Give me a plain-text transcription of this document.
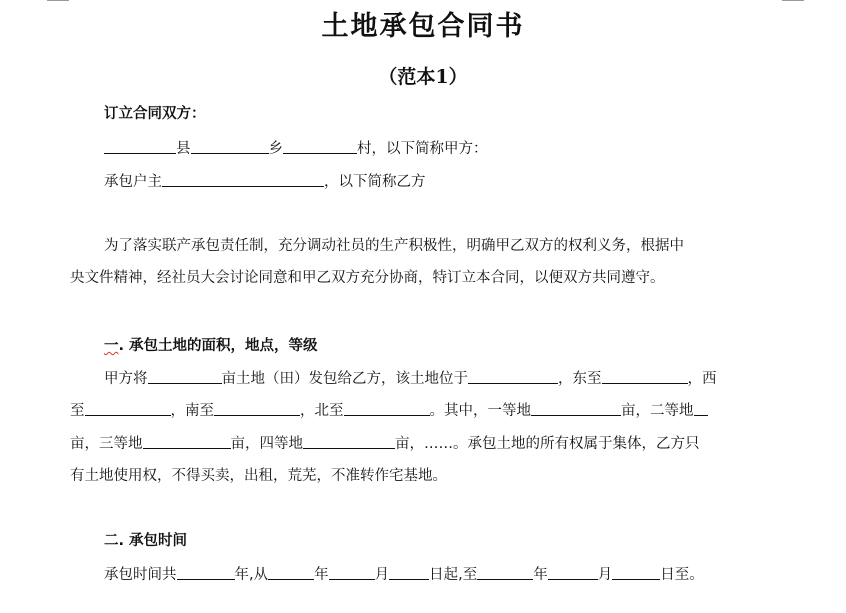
土地承包合同书
（范本1）
订立合同双方：
县	乡	村，以下简称甲方：
承包户主	，以下简称乙方
为了落实联产承包责任制，充分调动社员的生产积极性，明确甲乙双方的权利义务，根据中
央文件精神，经社员大会讨论同意和甲乙双方充分协商，特订立本合同，以便双方共同遵守。
一. 承包土地的面积，地点，等级
甲方将	亩土地（田）发包给乙方，该土地位于	，东至	，西
至	，南至	，北至	。其中，一等地	亩，二等地
亩，三等地	亩，四等地	亩，……。承包土地的所有权属于集体，乙方只
有土地使用权，不得买卖，出租，荒芜，不准转作宅基地。
二. 承包时间
承包时间共	年,从	年	月	日起,至	年	月	日至。
